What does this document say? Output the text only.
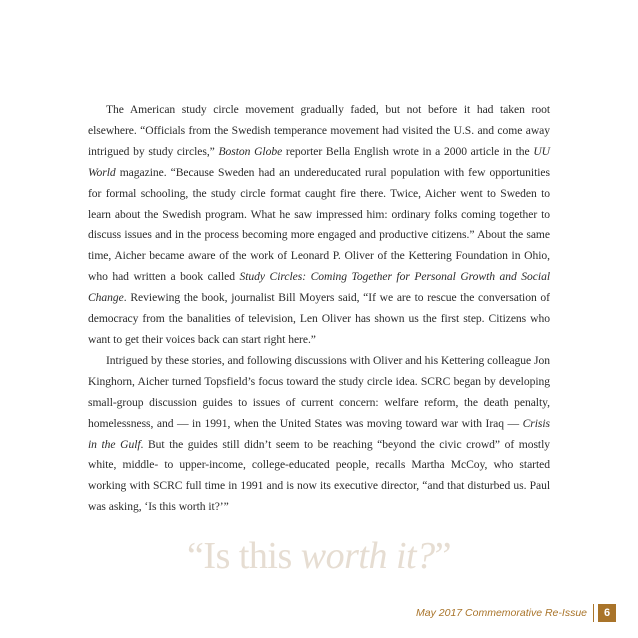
The American study circle movement gradually faded, but not before it had taken root elsewhere. “Officials from the Swedish temperance movement had visited the U.S. and come away intrigued by study circles,” Boston Globe reporter Bella English wrote in a 2000 article in the UU World magazine. “Because Sweden had an undereducated rural population with few opportunities for formal schooling, the study circle format caught fire there. Twice, Aicher went to Sweden to learn about the Swedish program. What he saw impressed him: ordinary folks coming together to discuss issues and in the process becoming more engaged and productive citizens.” About the same time, Aicher became aware of the work of Leonard P. Oliver of the Kettering Foundation in Ohio, who had written a book called Study Circles: Coming Together for Personal Growth and Social Change. Reviewing the book, journalist Bill Moyers said, “If we are to rescue the conversation of democracy from the banalities of television, Len Oliver has shown us the first step. Citizens who want to get their voices back can start right here.”

Intrigued by these stories, and following discussions with Oliver and his Kettering colleague Jon Kinghorn, Aicher turned Topsfield’s focus toward the study circle idea. SCRC began by developing small-group discussion guides to issues of current concern: welfare reform, the death penalty, homelessness, and — in 1991, when the United States was moving toward war with Iraq — Crisis in the Gulf. But the guides still didn’t seem to be reaching “beyond the civic crowd” of mostly white, middle- to upper-income, college-educated people, recalls Martha McCoy, who started working with SCRC full time in 1991 and is now its executive director, “and that disturbed us. Paul was asking, ‘Is this worth it?’”

“Is this worth it?”
May 2017 Commemorative Re-Issue	6
